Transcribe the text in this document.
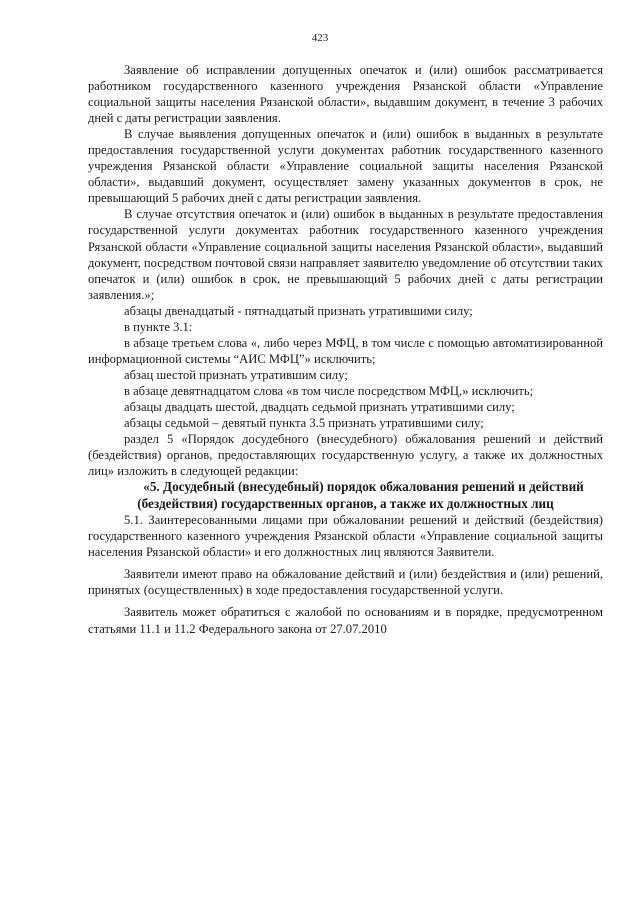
423

Заявление об исправлении допущенных опечаток и (или) ошибок рассматривается работником государственного казенного учреждения Рязанской области «Управление социальной защиты населения Рязанской области», выдавшим документ, в течение 3 рабочих дней с даты регистрации заявления.

В случае выявления допущенных опечаток и (или) ошибок в выданных в результате предоставления государственной услуги документах работник государственного казенного учреждения Рязанской области «Управление социальной защиты населения Рязанской области», выдавший документ, осуществляет замену указанных документов в срок, не превышающий 5 рабочих дней с даты регистрации заявления.

В случае отсутствия опечаток и (или) ошибок в выданных в результате предоставления государственной услуги документах работник государственного казенного учреждения Рязанской области «Управление социальной защиты населения Рязанской области», выдавший документ, посредством почтовой связи направляет заявителю уведомление об отсутствии таких опечаток и (или) ошибок в срок, не превышающий 5 рабочих дней с даты регистрации заявления.»;

абзацы двенадцатый - пятнадцатый признать утратившими силу;

в пункте 3.1:

в абзаце третьем слова «, либо через МФЦ, в том числе с помощью автоматизированной информационной системы “АИС МФЦ”» исключить;

абзац шестой признать утратившим силу;

в абзаце девятнадцатом слова «в том числе посредством МФЦ,» исключить;

абзацы двадцать шестой, двадцать седьмой признать утратившими силу;

абзацы седьмой – девятый пункта 3.5 признать утратившими силу;

раздел 5 «Порядок досудебного (внесудебного) обжалования решений и действий (бездействия) органов, предоставляющих государственную услугу, а также их должностных лиц» изложить в следующей редакции:

«5. Досудебный (внесудебный) порядок обжалования решений и действий (бездействия) государственных органов, а также их должностных лиц

5.1. Заинтересованными лицами при обжаловании решений и действий (бездействия) государственного казенного учреждения Рязанской области «Управление социальной защиты населения Рязанской области» и его должностных лиц являются Заявители.

Заявители имеют право на обжалование действий и (или) бездействия и (или) решений, принятых (осуществленных) в ходе предоставления государственной услуги.

Заявитель может обратиться с жалобой по основаниям и в порядке, предусмотренном статьями 11.1 и 11.2 Федерального закона от 27.07.2010
